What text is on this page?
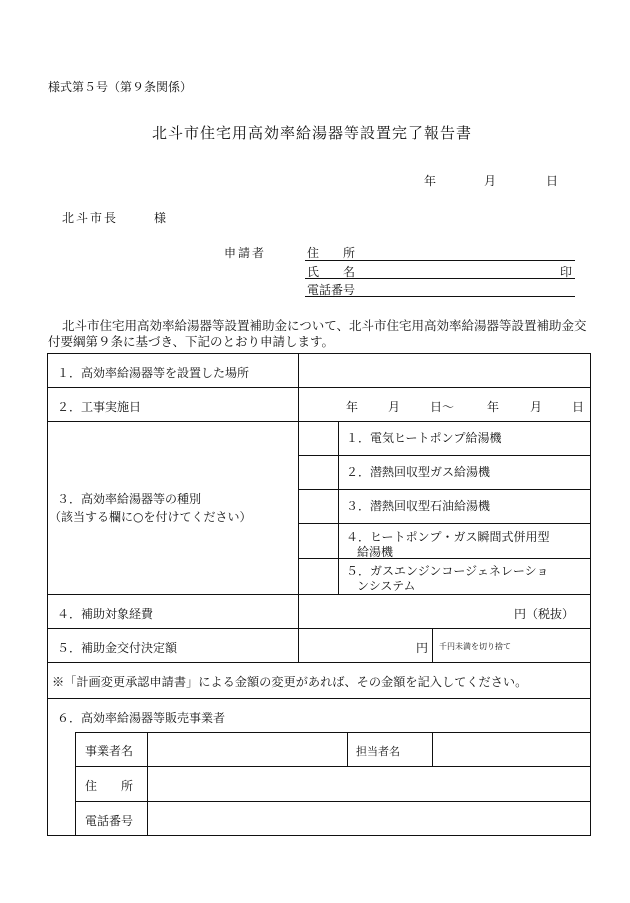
様式第５号（第９条関係）
北斗市住宅用高効率給湯器等設置完了報告書
年	月	日
北斗市長	様
申請者	住　　所
氏　　名	印
電話番号
北斗市住宅用高効率給湯器等設置補助金について、北斗市住宅用高効率給湯器等設置補助金交付要綱第９条に基づき、下記のとおり申請します。
１．高効率給湯器等を設置した場所
２．工事実施日	年 月 日～	年	月 日
３．高効率給湯器等の種別
（該当する欄に○を付けてください）
１．電気ヒートポンプ給湯機
２．潜熱回収型ガス給湯機
３．潜熱回収型石油給湯機
４．ヒートポンプ・ガス瞬間式併用型
給湯機
５．ガスエンジンコージェネレーショ
ンシステム
４．補助対象経費	円（税抜）
５．補助金交付決定額	円 千円未満を切り捨て
※「計画変更承認申請書」による金額の変更があれば、その金額を記入してください。
６．高効率給湯器等販売事業者
事業者名	担当者名
住　　所
電話番号
